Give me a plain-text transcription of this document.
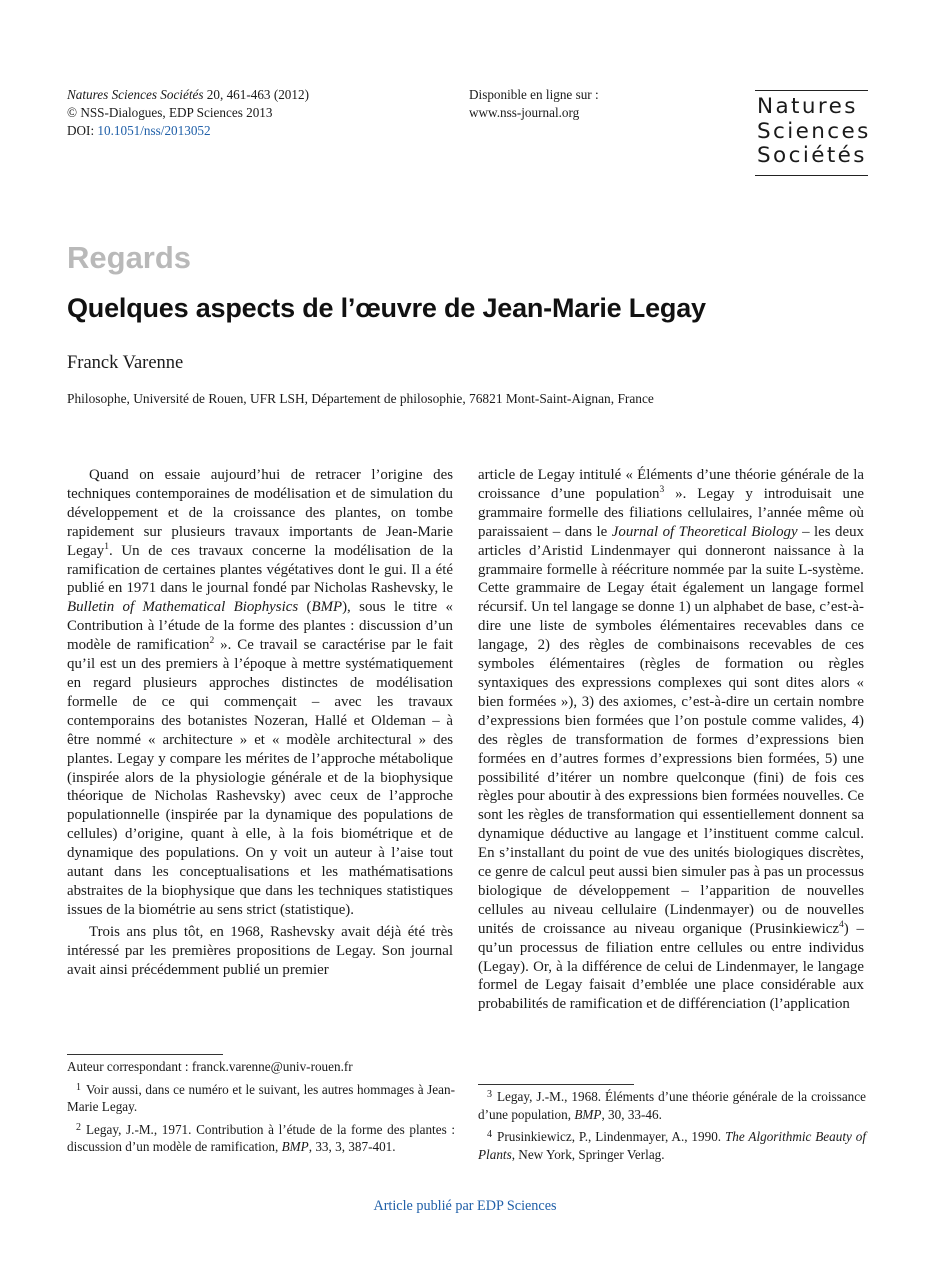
Natures Sciences Sociétés 20, 461-463 (2012)
© NSS-Dialogues, EDP Sciences 2013
DOI: 10.1051/nss/2013052
Disponible en ligne sur :
www.nss-journal.org	Natures
Sciences
Sociétés
Regards
Quelques aspects de l’œuvre de Jean-Marie Legay
Franck Varenne
Philosophe, Université de Rouen, UFR LSH, Département de philosophie, 76821 Mont-Saint-Aignan, France

Quand on essaie aujourd’hui de retracer l’origine des techniques contemporaines de modélisation et de simulation du développement et de la croissance des plantes, on tombe rapidement sur plusieurs travaux importants de Jean-Marie Legay$^1$. Un de ces travaux concerne la modélisation de la ramification de certaines plantes végétatives dont le gui. Il a été publié en 1971 dans le journal fondé par Nicholas Rashevsky, le Bulletin of Mathematical Biophysics (BMP), sous le titre « Contribution à l’étude de la forme des plantes : discussion d’un modèle de ramification$^2$ ». Ce travail se caractérise par le fait qu’il est un des premiers à l’époque à mettre systématiquement en regard plusieurs approches distinctes de modélisation formelle de ce qui commençait – avec les travaux contemporains des botanistes Nozeran, Hallé et Oldeman – à être nommé « architecture » et « modèle architectural » des plantes. Legay y compare les mérites de l’approche métabolique (inspirée alors de la physiologie générale et de la biophysique théorique de Nicholas Rashevsky) avec ceux de l’approche populationnelle (inspirée par la dynamique des populations de cellules) d’origine, quant à elle, à la fois biométrique et de dynamique des populations. On y voit un auteur à l’aise tout autant dans les conceptualisations et les mathématisations abstraites de la biophysique que dans les techniques statistiques issues de la biométrie au sens strict (statistique).

Trois ans plus tôt, en 1968, Rashevsky avait déjà été très intéressé par les premières propositions de Legay. Son journal avait ainsi précédemment publié un premier

article de Legay intitulé « Éléments d’une théorie générale de la croissance d’une population$^3$ ». Legay y introduisait une grammaire formelle des filiations cellulaires, l’année même où paraissaient – dans le Journal of Theoretical Biology – les deux articles d’Aristid Lindenmayer qui donneront naissance à la grammaire formelle à réécriture nommée par la suite L-système. Cette grammaire de Legay était également un langage formel récursif. Un tel langage se donne 1) un alphabet de base, c’est-à-dire une liste de symboles élémentaires recevables dans ce langage, 2) des règles de combinaisons recevables de ces symboles élémentaires (règles de formation ou règles syntaxiques des expressions complexes qui sont dites alors « bien formées »), 3) des axiomes, c’est-à-dire un certain nombre d’expressions bien formées que l’on postule comme valides, 4) des règles de transformation de formes d’expressions bien formées en d’autres formes d’expressions bien formées, 5) une possibilité d’itérer un nombre quelconque (fini) de fois ces règles pour aboutir à des expressions bien formées nouvelles. Ce sont les règles de transformation qui essentiellement donnent sa dynamique déductive au langage et l’instituent comme calcul. En s’installant du point de vue des unités biologiques discrètes, ce genre de calcul peut aussi bien simuler pas à pas un processus biologique de développement – l’apparition de nouvelles cellules au niveau cellulaire (Lindenmayer) ou de nouvelles unités de croissance au niveau organique (Prusinkiewicz$^4$) – qu’un processus de filiation entre cellules ou entre individus (Legay). Or, à la différence de celui de Lindenmayer, le langage formel de Legay faisait d’emblée une place considérable aux probabilités de ramification et de différenciation (l’application

Auteur correspondant : franck.varenne@univ-rouen.fr

1 Voir aussi, dans ce numéro et le suivant, les autres hommages à Jean-Marie Legay.

2 Legay, J.-M., 1971. Contribution à l’étude de la forme des plantes : discussion d’un modèle de ramification, BMP, 33, 3, 387-401.

3 Legay, J.-M., 1968. Éléments d’une théorie générale de la croissance d’une population, BMP, 30, 33-46.

4 Prusinkiewicz, P., Lindenmayer, A., 1990. The Algorithmic Beauty of Plants, New York, Springer Verlag.

Article publié par EDP Sciences
